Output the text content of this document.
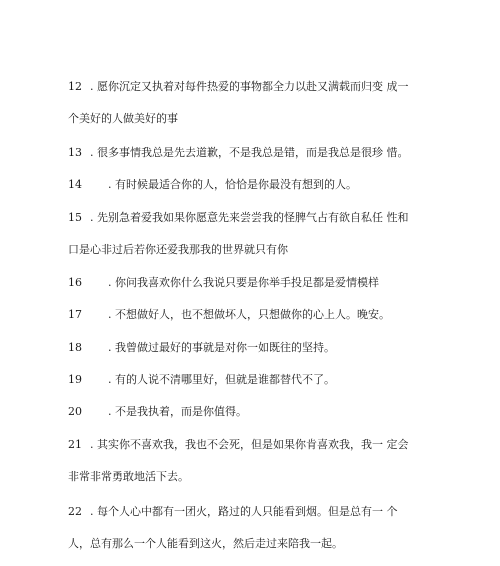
12 . 愿你沉定又执着对每件热爱的事物都全力以赴又满载而归变 成一
个美好的人做美好的事
13 . 很多事情我总是先去道歉，不是我总是错，而是我总是很珍 惜。
14 . 有时候最适合你的人，恰恰是你最没有想到的人。
15 . 先别急着爱我如果你愿意先来尝尝我的怪脾气占有欲自私任 性和
口是心非过后若你还爱我那我的世界就只有你
16 . 你问我喜欢你什么我说只要是你举手投足都是爱情模样
17 . 不想做好人，也不想做坏人，只想做你的心上人。晚安。
18 . 我曾做过最好的事就是对你一如既往的坚持。
19 . 有的人说不清哪里好，但就是谁都替代不了。
20 . 不是我执着，而是你值得。
21 . 其实你不喜欢我，我也不会死，但是如果你肯喜欢我，我一 定会
非常非常勇敢地活下去。
22 . 每个人心中都有一团火，路过的人只能看到烟。但是总有一 个
人，总有那么一个人能看到这火，然后走过来陪我一起。
